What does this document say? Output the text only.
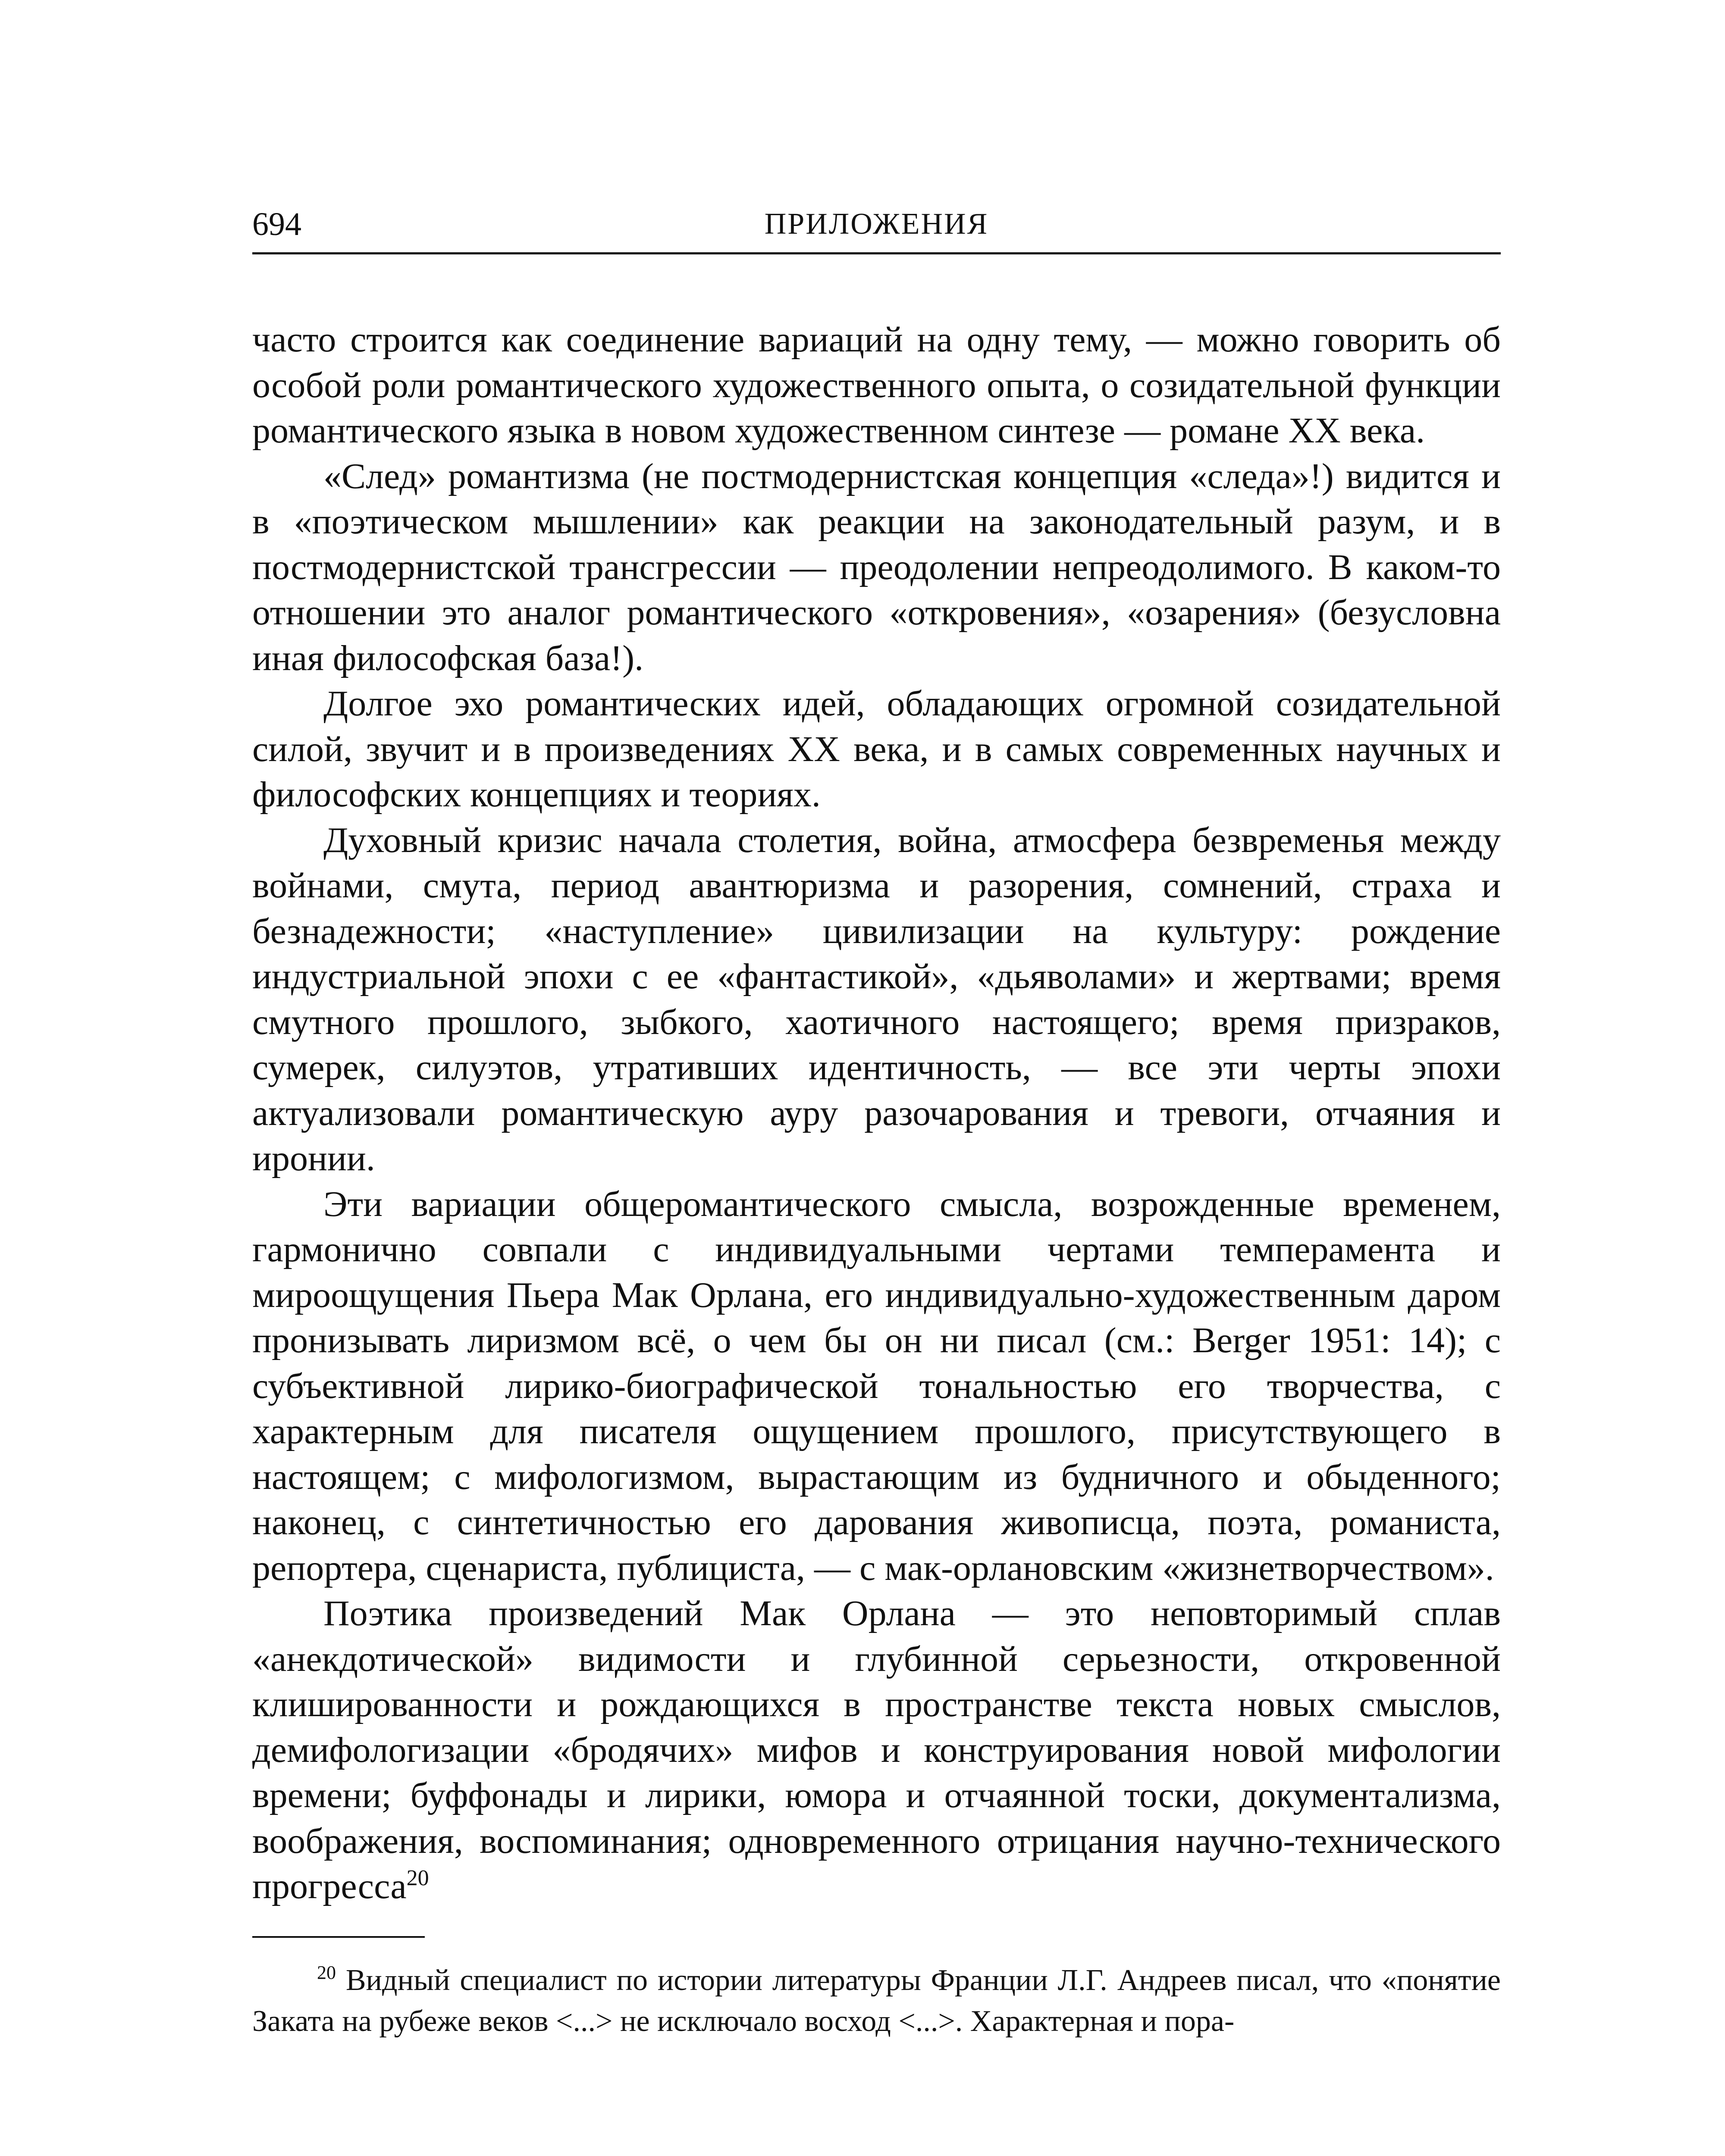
694	ПРИЛОЖЕНИЯ

часто строится как соединение вариаций на одну тему, — можно говорить об особой роли романтического художественного опыта, о созидательной функции романтического языка в новом художественном синтезе — романе XX века.

«След» романтизма (не постмодернистская концепция «следа»!) видится и в «поэтическом мышлении» как реакции на законодательный разум, и в постмодернистской трансгрессии — преодолении непреодолимого. В каком-то отношении это аналог романтического «откровения», «озарения» (безусловна иная философская база!).

Долгое эхо романтических идей, обладающих огромной созидательной силой, звучит и в произведениях XX века, и в самых современных научных и философских концепциях и теориях.

Духовный кризис начала столетия, война, атмосфера безвременья между войнами, смута, период авантюризма и разорения, сомнений, страха и безнадежности; «наступление» цивилизации на культуру: рождение индустриальной эпохи с ее «фантастикой», «дьяволами» и жертвами; время смутного прошлого, зыбкого, хаотичного настоящего; время призраков, сумерек, силуэтов, утративших идентичность, — все эти черты эпохи актуализовали романтическую ауру разочарования и тревоги, отчаяния и иронии.

Эти вариации общеромантического смысла, возрожденные временем, гармонично совпали с индивидуальными чертами темперамента и мироощущения Пьера Мак Орлана, его индивидуально-художественным даром пронизывать лиризмом всё, о чем бы он ни писал (см.: Berger 1951: 14); с субъективной лирико-биографической тональностью его творчества, с характерным для писателя ощущением прошлого, присутствующего в настоящем; с мифологизмом, вырастающим из будничного и обыденного; наконец, с синтетичностью его дарования живописца, поэта, романиста, репортера, сценариста, публициста, — с мак-орлановским «жизнетворчеством».

Поэтика произведений Мак Орлана — это неповторимый сплав «анекдотической» видимости и глубинной серьезности, откровенной клишированности и рождающихся в пространстве текста новых смыслов, демифологизации «бродячих» мифов и конструирования новой мифологии времени; буффонады и лирики, юмора и отчаянной тоски, документализма, воображения, воспоминания; одновременного отрицания научно-технического прогресса$^{20}$

$^{20}$ Видный специалист по истории литературы Франции Л.Г. Андреев писал, что «понятие Заката на рубеже веков <...> не исключало восход <...>. Характерная и пора-
